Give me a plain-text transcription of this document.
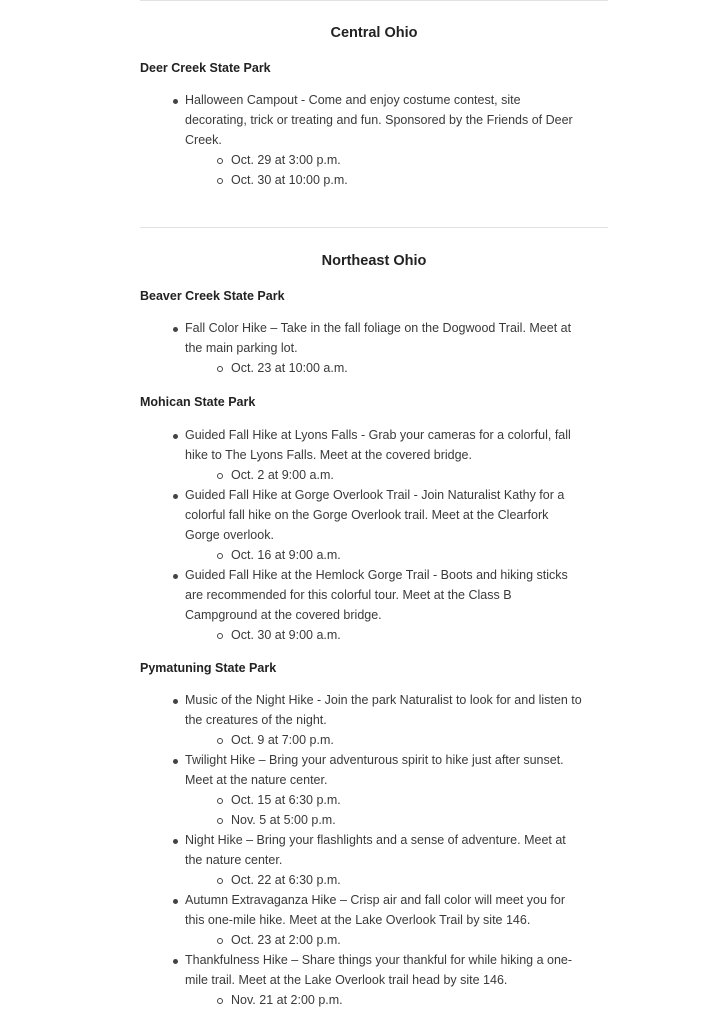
Central Ohio
Deer Creek State Park
Halloween Campout - Come and enjoy costume contest, site
decorating, trick or treating and fun. Sponsored by the Friends of Deer
Creek.
Oct. 29 at 3:00 p.m.
Oct. 30 at 10:00 p.m.
Northeast Ohio
Beaver Creek State Park
Fall Color Hike – Take in the fall foliage on the Dogwood Trail. Meet at
the main parking lot.
Oct. 23 at 10:00 a.m.
Mohican State Park
Guided Fall Hike at Lyons Falls - Grab your cameras for a colorful, fall
hike to The Lyons Falls. Meet at the covered bridge.
Oct. 2 at 9:00 a.m.
Guided Fall Hike at Gorge Overlook Trail - Join Naturalist Kathy for a
colorful fall hike on the Gorge Overlook trail. Meet at the Clearfork
Gorge overlook.
Oct. 16 at 9:00 a.m.
Guided Fall Hike at the Hemlock Gorge Trail - Boots and hiking sticks
are recommended for this colorful tour. Meet at the Class B
Campground at the covered bridge.
Oct. 30 at 9:00 a.m.
Pymatuning State Park
Music of the Night Hike - Join the park Naturalist to look for and listen to
the creatures of the night.
Oct. 9 at 7:00 p.m.
Twilight Hike – Bring your adventurous spirit to hike just after sunset.
Meet at the nature center.
Oct. 15 at 6:30 p.m.
Nov. 5 at 5:00 p.m.
Night Hike – Bring your flashlights and a sense of adventure. Meet at
the nature center.
Oct. 22 at 6:30 p.m.
Autumn Extravaganza Hike – Crisp air and fall color will meet you for
this one-mile hike. Meet at the Lake Overlook Trail by site 146.
Oct. 23 at 2:00 p.m.
Thankfulness Hike – Share things your thankful for while hiking a one-
mile trail. Meet at the Lake Overlook trail head by site 146.
Nov. 21 at 2:00 p.m.
